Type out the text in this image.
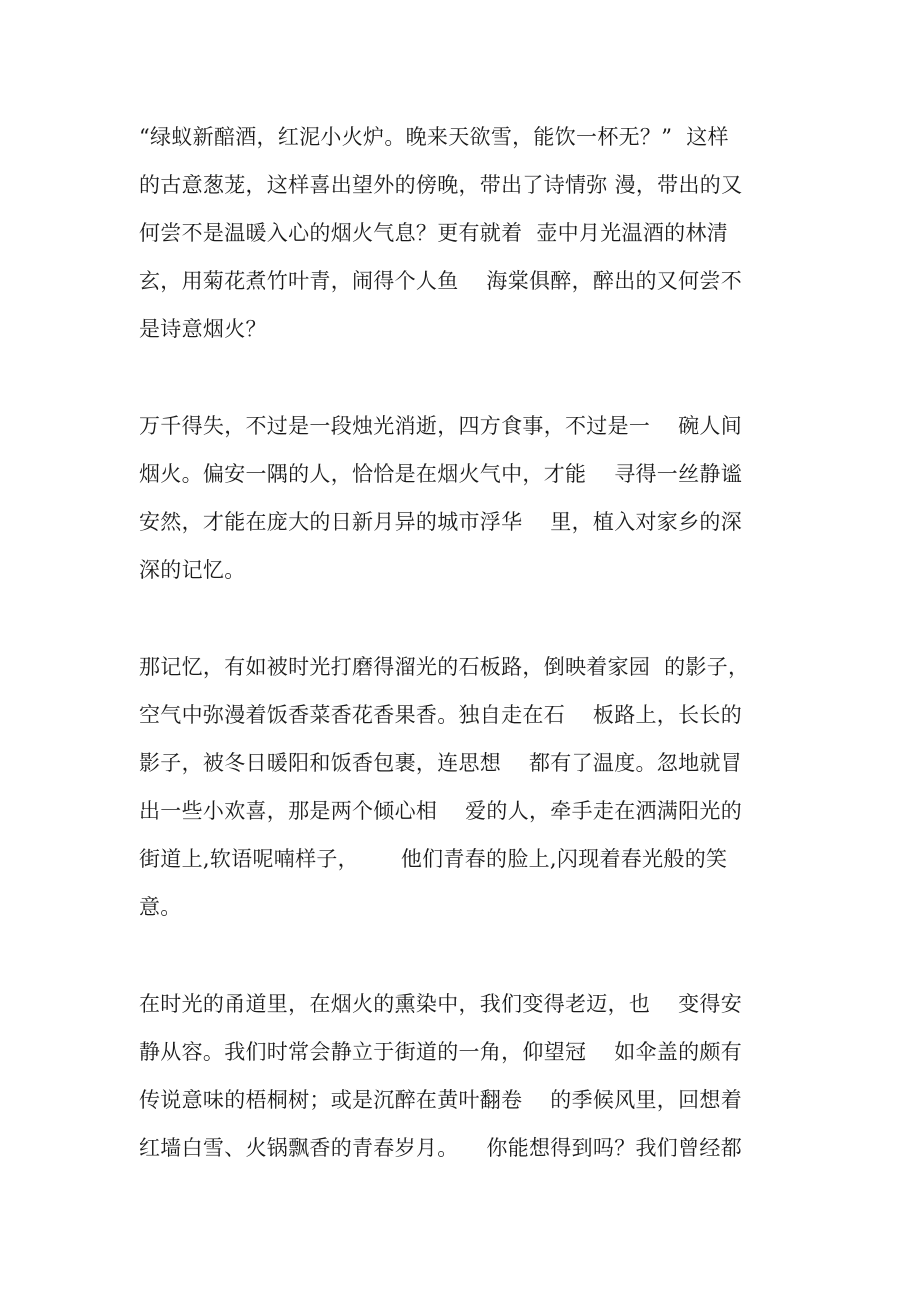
“绿蚁新醅酒，红泥小火炉。晚来天欲雪，能饮一杯无？”  这样
的古意葱茏，这样喜出望外的傍晚，带出了诗情弥 漫，带出的又
何尝不是温暖入心的烟火气息？更有就着  壶中月光温酒的林清
玄，用菊花煮竹叶青，闹得个人鱼    海棠俱醉，醉出的又何尝不
是诗意烟火？
万千得失，不过是一段烛光消逝，四方食事，不过是一    碗人间
烟火。偏安一隅的人，恰恰是在烟火气中，才能    寻得一丝静谧
安然，才能在庞大的日新月异的城市浮华    里，植入对家乡的深
深的记忆。
那记忆，有如被时光打磨得溜光的石板路，倒映着家园  的影子，
空气中弥漫着饭香菜香花香果香。独自走在石    板路上，长长的
影子，被冬日暖阳和饭香包裹，连思想    都有了温度。忽地就冒
出一些小欢喜，那是两个倾心相    爱的人，牵手走在洒满阳光的
街道上,软语呢喃样子，      他们青春的脸上,闪现着春光般的笑
意。
在时光的甬道里，在烟火的熏染中，我们变得老迈，也    变得安
静从容。我们时常会静立于街道的一角，仰望冠    如伞盖的颇有
传说意味的梧桐树；或是沉醉在黄叶翻卷    的季候风里，回想着
红墙白雪、火锅飘香的青春岁月。    你能想得到吗？我们曾经都
